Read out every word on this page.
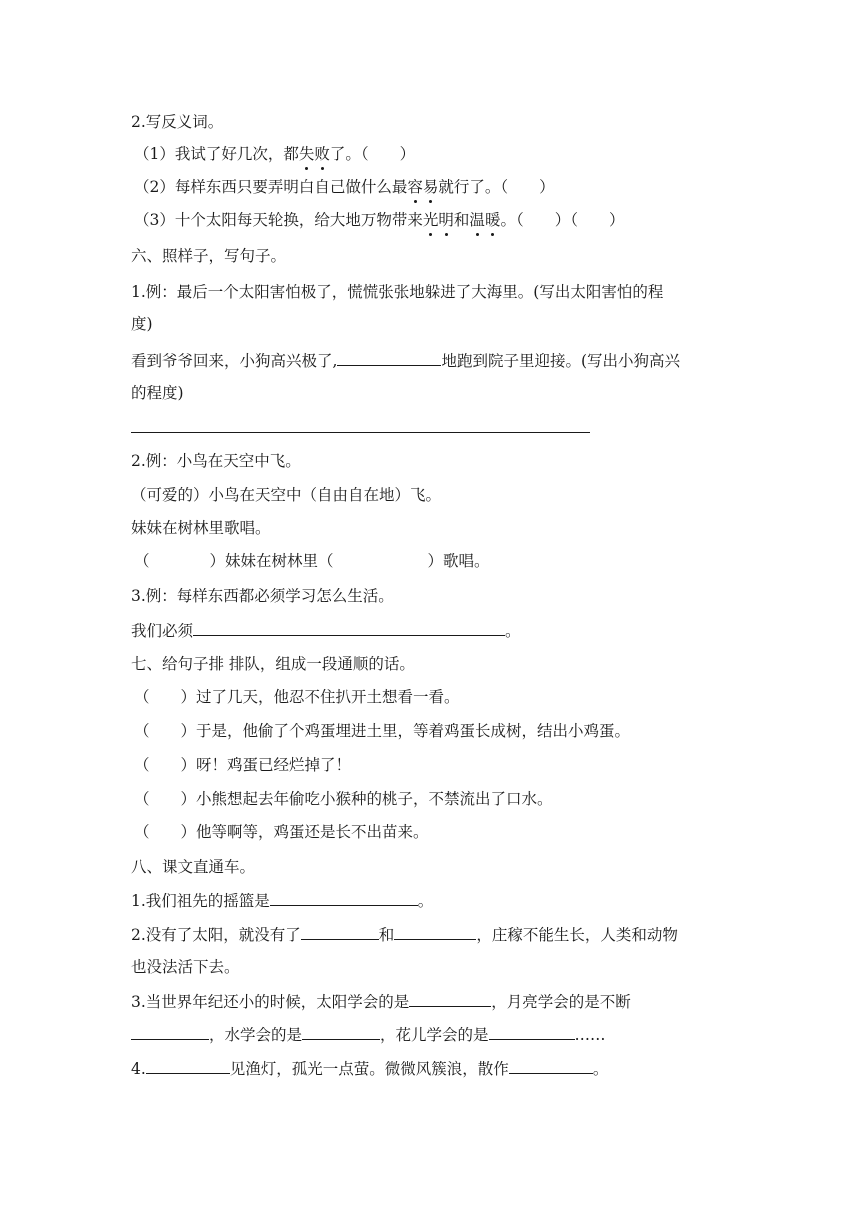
2.写反义词。
（1）我试了好几次，都失败了。（　　）
（2）每样东西只要弄明白自己做什么最容易就行了。（　　）
（3）十个太阳每天轮换，给大地万物带来光明和温暖。（　　）（　　）
六、照样子，写句子。
1.例：最后一个太阳害怕极了，慌慌张张地躲进了大海里。(写出太阳害怕的程
度)
看到爷爷回来，小狗高兴极了,	地跑到院子里迎接。(写出小狗高兴
的程度)
2.例：小鸟在天空中飞。
（可爱的）小鸟在天空中（自由自在地）飞。
妹妹在树林里歌唱。
（	）妹妹在树林里（	）歌唱。
3.例：每样东西都必须学习怎么生活。
我们必须	。
七、给句子排 排队，组成一段通顺的话。
（　　）过了几天，他忍不住扒开土想看一看。
（　　）于是，他偷了个鸡蛋埋进土里，等着鸡蛋长成树，结出小鸡蛋。
（　　）呀！鸡蛋已经烂掉了！
（　　）小熊想起去年偷吃小猴种的桃子，不禁流出了口水。
（　　）他等啊等，鸡蛋还是长不出苗来。
八、课文直通车。
1.我们祖先的摇篮是	。
2.没有了太阳，就没有了	和	，庄稼不能生长，人类和动物
也没法活下去。
3.当世界年纪还小的时候，太阳学会的是	，月亮学会的是不断
，水学会的是	，花儿学会的是	……
4.	见渔灯，孤光一点萤。微微风簇浪，散作	。
